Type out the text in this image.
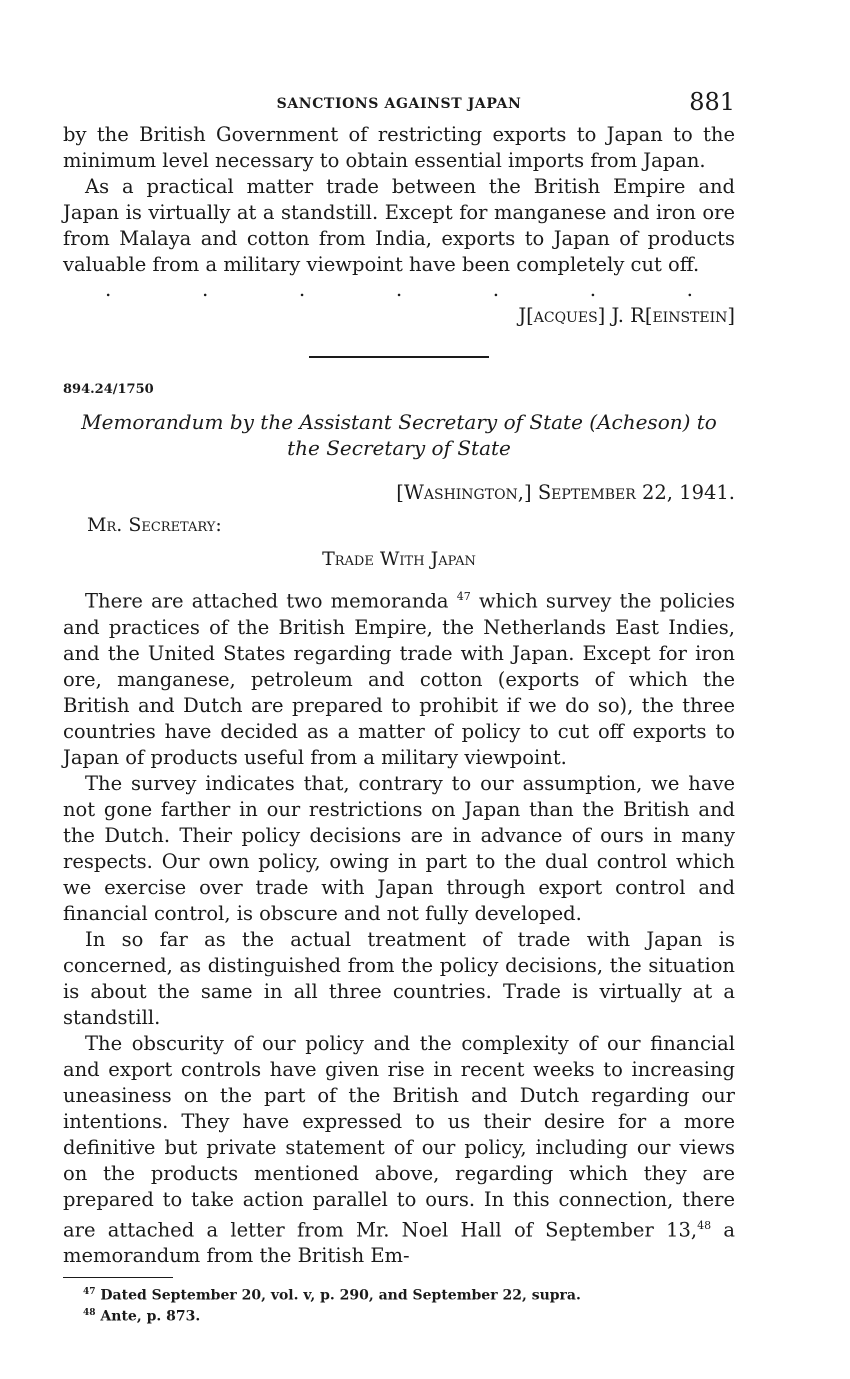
SANCTIONS AGAINST JAPAN	881

by the British Government of restricting exports to Japan to the minimum level necessary to obtain essential imports from Japan.

As a practical matter trade between the British Empire and Japan is virtually at a standstill. Except for manganese and iron ore from Malaya and cotton from India, exports to Japan of products valuable from a military viewpoint have been completely cut off.

.	.	.	.	.	.	.
J[acques] J. R[einstein]
894.24/1750
Memorandum by the Assistant Secretary of State (Acheson) to the Secretary of State
[Washington,] September 22, 1941.
Mr. Secretary:
Trade With Japan

There are attached two memoranda $^{47}$ which survey the policies and practices of the British Empire, the Netherlands East Indies, and the United States regarding trade with Japan. Except for iron ore, manganese, petroleum and cotton (exports of which the British and Dutch are prepared to prohibit if we do so), the three countries have decided as a matter of policy to cut off exports to Japan of products useful from a military viewpoint.

The survey indicates that, contrary to our assumption, we have not gone farther in our restrictions on Japan than the British and the Dutch. Their policy decisions are in advance of ours in many respects. Our own policy, owing in part to the dual control which we exercise over trade with Japan through export control and financial control, is obscure and not fully developed.

In so far as the actual treatment of trade with Japan is concerned, as distinguished from the policy decisions, the situation is about the same in all three countries. Trade is virtually at a standstill.

The obscurity of our policy and the complexity of our financial and export controls have given rise in recent weeks to increasing uneasiness on the part of the British and Dutch regarding our intentions. They have expressed to us their desire for a more definitive but private statement of our policy, including our views on the products mentioned above, regarding which they are prepared to take action parallel to ours. In this connection, there are attached a letter from Mr. Noel Hall of September 13,48 a memorandum from the British Em-

$^{47}$ Dated September 20, vol. v, p. 290, and September 22, supra.
$^{48}$ Ante, p. 873.
